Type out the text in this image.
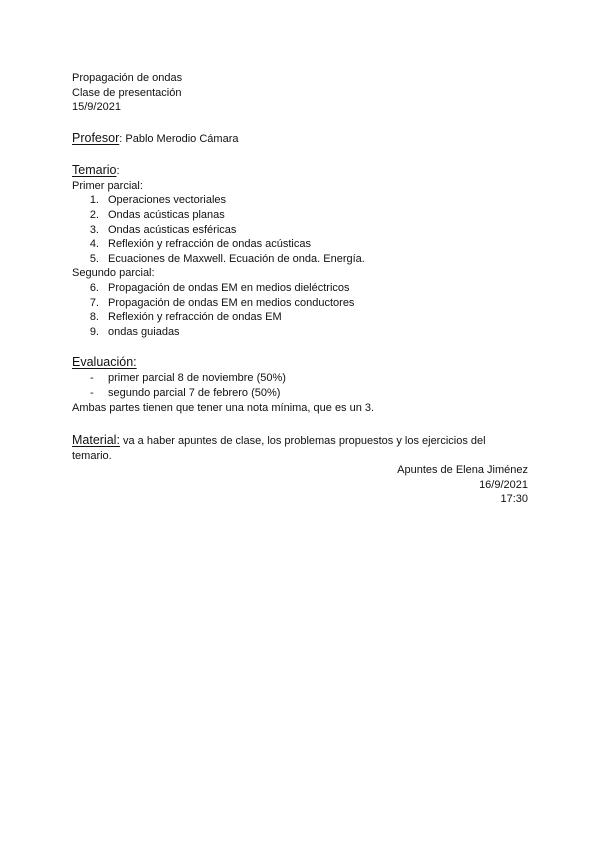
Propagación de ondas
Clase de presentación
15/9/2021
Profesor: Pablo Merodio Cámara
Temario:
Primer parcial:
1. Operaciones vectoriales
2. Ondas acústicas planas
3. Ondas acústicas esféricas
4. Reflexión y refracción de ondas acústicas
5. Ecuaciones de Maxwell. Ecuación de onda. Energía.
Segundo parcial:
6. Propagación de ondas EM en medios dieléctricos
7. Propagación de ondas EM en medios conductores
8. Reflexión y refracción de ondas EM
9. ondas guiadas
Evaluación:
- primer parcial 8 de noviembre (50%)
- segundo parcial 7 de febrero (50%)
Ambas partes tienen que tener una nota mínima, que es un 3.
Material: va a haber apuntes de clase, los problemas propuestos y los ejercicios del temario.
Apuntes de Elena Jiménez
16/9/2021
17:30
